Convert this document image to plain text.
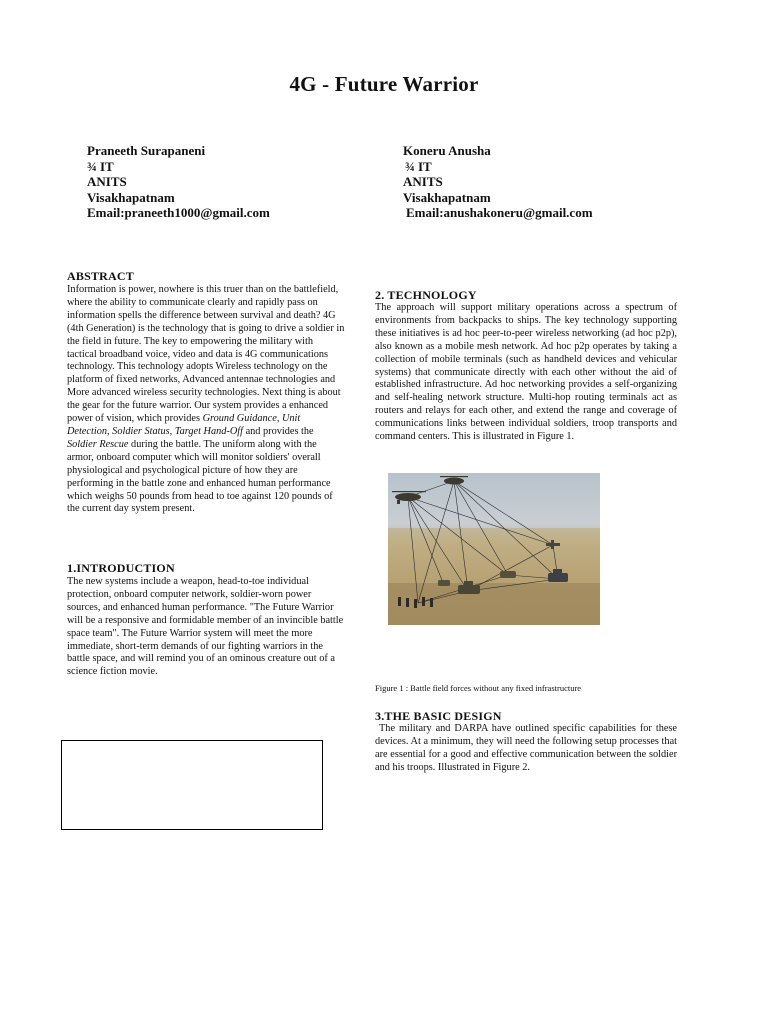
4G - Future Warrior
Praneeth Surapaneni
¾ IT
ANITS
Visakhapatnam
Email:praneeth1000@gmail.com
Koneru Anusha
¾ IT
ANITS
Visakhapatnam
Email:anushakoneru@gmail.com
ABSTRACT

Information is power, nowhere is this truer than on the battlefield, where the ability to communicate clearly and rapidly pass on information spells the difference between survival and death? 4G (4th Generation) is the technology that is going to drive a soldier in the field in future. The key to empowering the military with tactical broadband voice, video and data is 4G communications technology. This technology adopts Wireless technology on the platform of fixed networks, Advanced antennae technologies and More advanced wireless security technologies. Next thing is about the gear for the future warrior. Our system provides a enhanced power of vision, which provides Ground Guidance, Unit Detection, Soldier Status, Target Hand-Off and provides the Soldier Rescue during the battle. The uniform along with the armor, onboard computer which will monitor soldiers' overall physiological and psychological picture of how they are performing in the battle zone and enhanced human performance which weighs 50 pounds from head to toe against 120 pounds of the current day system present.

1.INTRODUCTION

The new systems include a weapon, head-to-toe individual protection, onboard computer network, soldier-worn power sources, and enhanced human performance. "The Future Warrior will be a responsive and formidable member of an invincible battle space team". The Future Warrior system will meet the more immediate, short-term demands of our fighting warriors in the battle space, and will remind you of an ominous creature out of a science fiction movie.

2. TECHNOLOGY

The approach will support military operations across a spectrum of environments from backpacks to ships. The key technology supporting these initiatives is ad hoc peer-to-peer wireless networking (ad hoc p2p), also known as a mobile mesh network. Ad hoc p2p operates by taking a collection of mobile terminals (such as handheld devices and vehicular systems) that communicate directly with each other without the aid of established infrastructure. Ad hoc networking provides a self-organizing and self-healing network structure. Multi-hop routing terminals act as routers and relays for each other, and extend the range and coverage of communications links between individual soldiers, troop transports and command centers. This is illustrated in Figure 1.

Figure 1 : Battle field forces without any fixed infrastructure
3.THE BASIC DESIGN

The military and DARPA have outlined specific capabilities for these devices. At a minimum, they will need the following setup processes that are essential for a good and effective communication between the soldier and his troops. Illustrated in Figure 2.
